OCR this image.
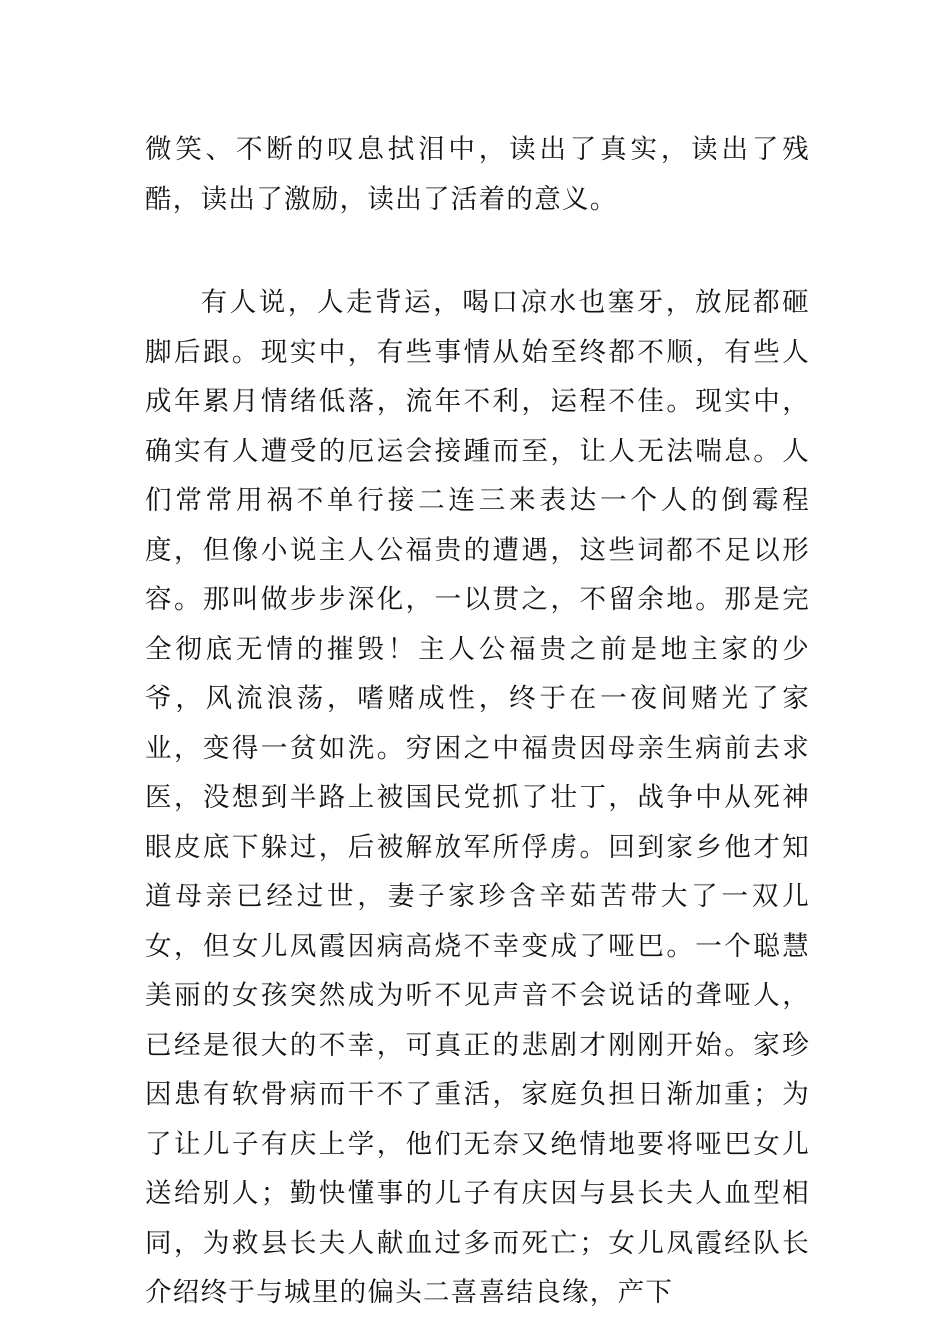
微笑、不断的叹息拭泪中，读出了真实，读出了残酷，读出了激励，读出了活着的意义。

有人说，人走背运，喝口凉水也塞牙，放屁都砸脚后跟。现实中，有些事情从始至终都不顺，有些人成年累月情绪低落，流年不利，运程不佳。现实中，确实有人遭受的厄运会接踵而至，让人无法喘息。人们常常用祸不单行接二连三来表达一个人的倒霉程度，但像小说主人公福贵的遭遇，这些词都不足以形容。那叫做步步深化，一以贯之，不留余地。那是完全彻底无情的摧毁！主人公福贵之前是地主家的少爷，风流浪荡，嗜赌成性，终于在一夜间赌光了家业，变得一贫如洗。穷困之中福贵因母亲生病前去求医，没想到半路上被国民党抓了壮丁，战争中从死神眼皮底下躲过，后被解放军所俘虏。回到家乡他才知道母亲已经过世，妻子家珍含辛茹苦带大了一双儿女，但女儿凤霞因病高烧不幸变成了哑巴。一个聪慧美丽的女孩突然成为听不见声音不会说话的聋哑人，已经是很大的不幸，可真正的悲剧才刚刚开始。家珍因患有软骨病而干不了重活，家庭负担日渐加重；为了让儿子有庆上学，他们无奈又绝情地要将哑巴女儿送给别人；勤快懂事的儿子有庆因与县长夫人血型相同，为救县长夫人献血过多而死亡；女儿凤霞经队长介绍终于与城里的偏头二喜喜结良缘，产下
